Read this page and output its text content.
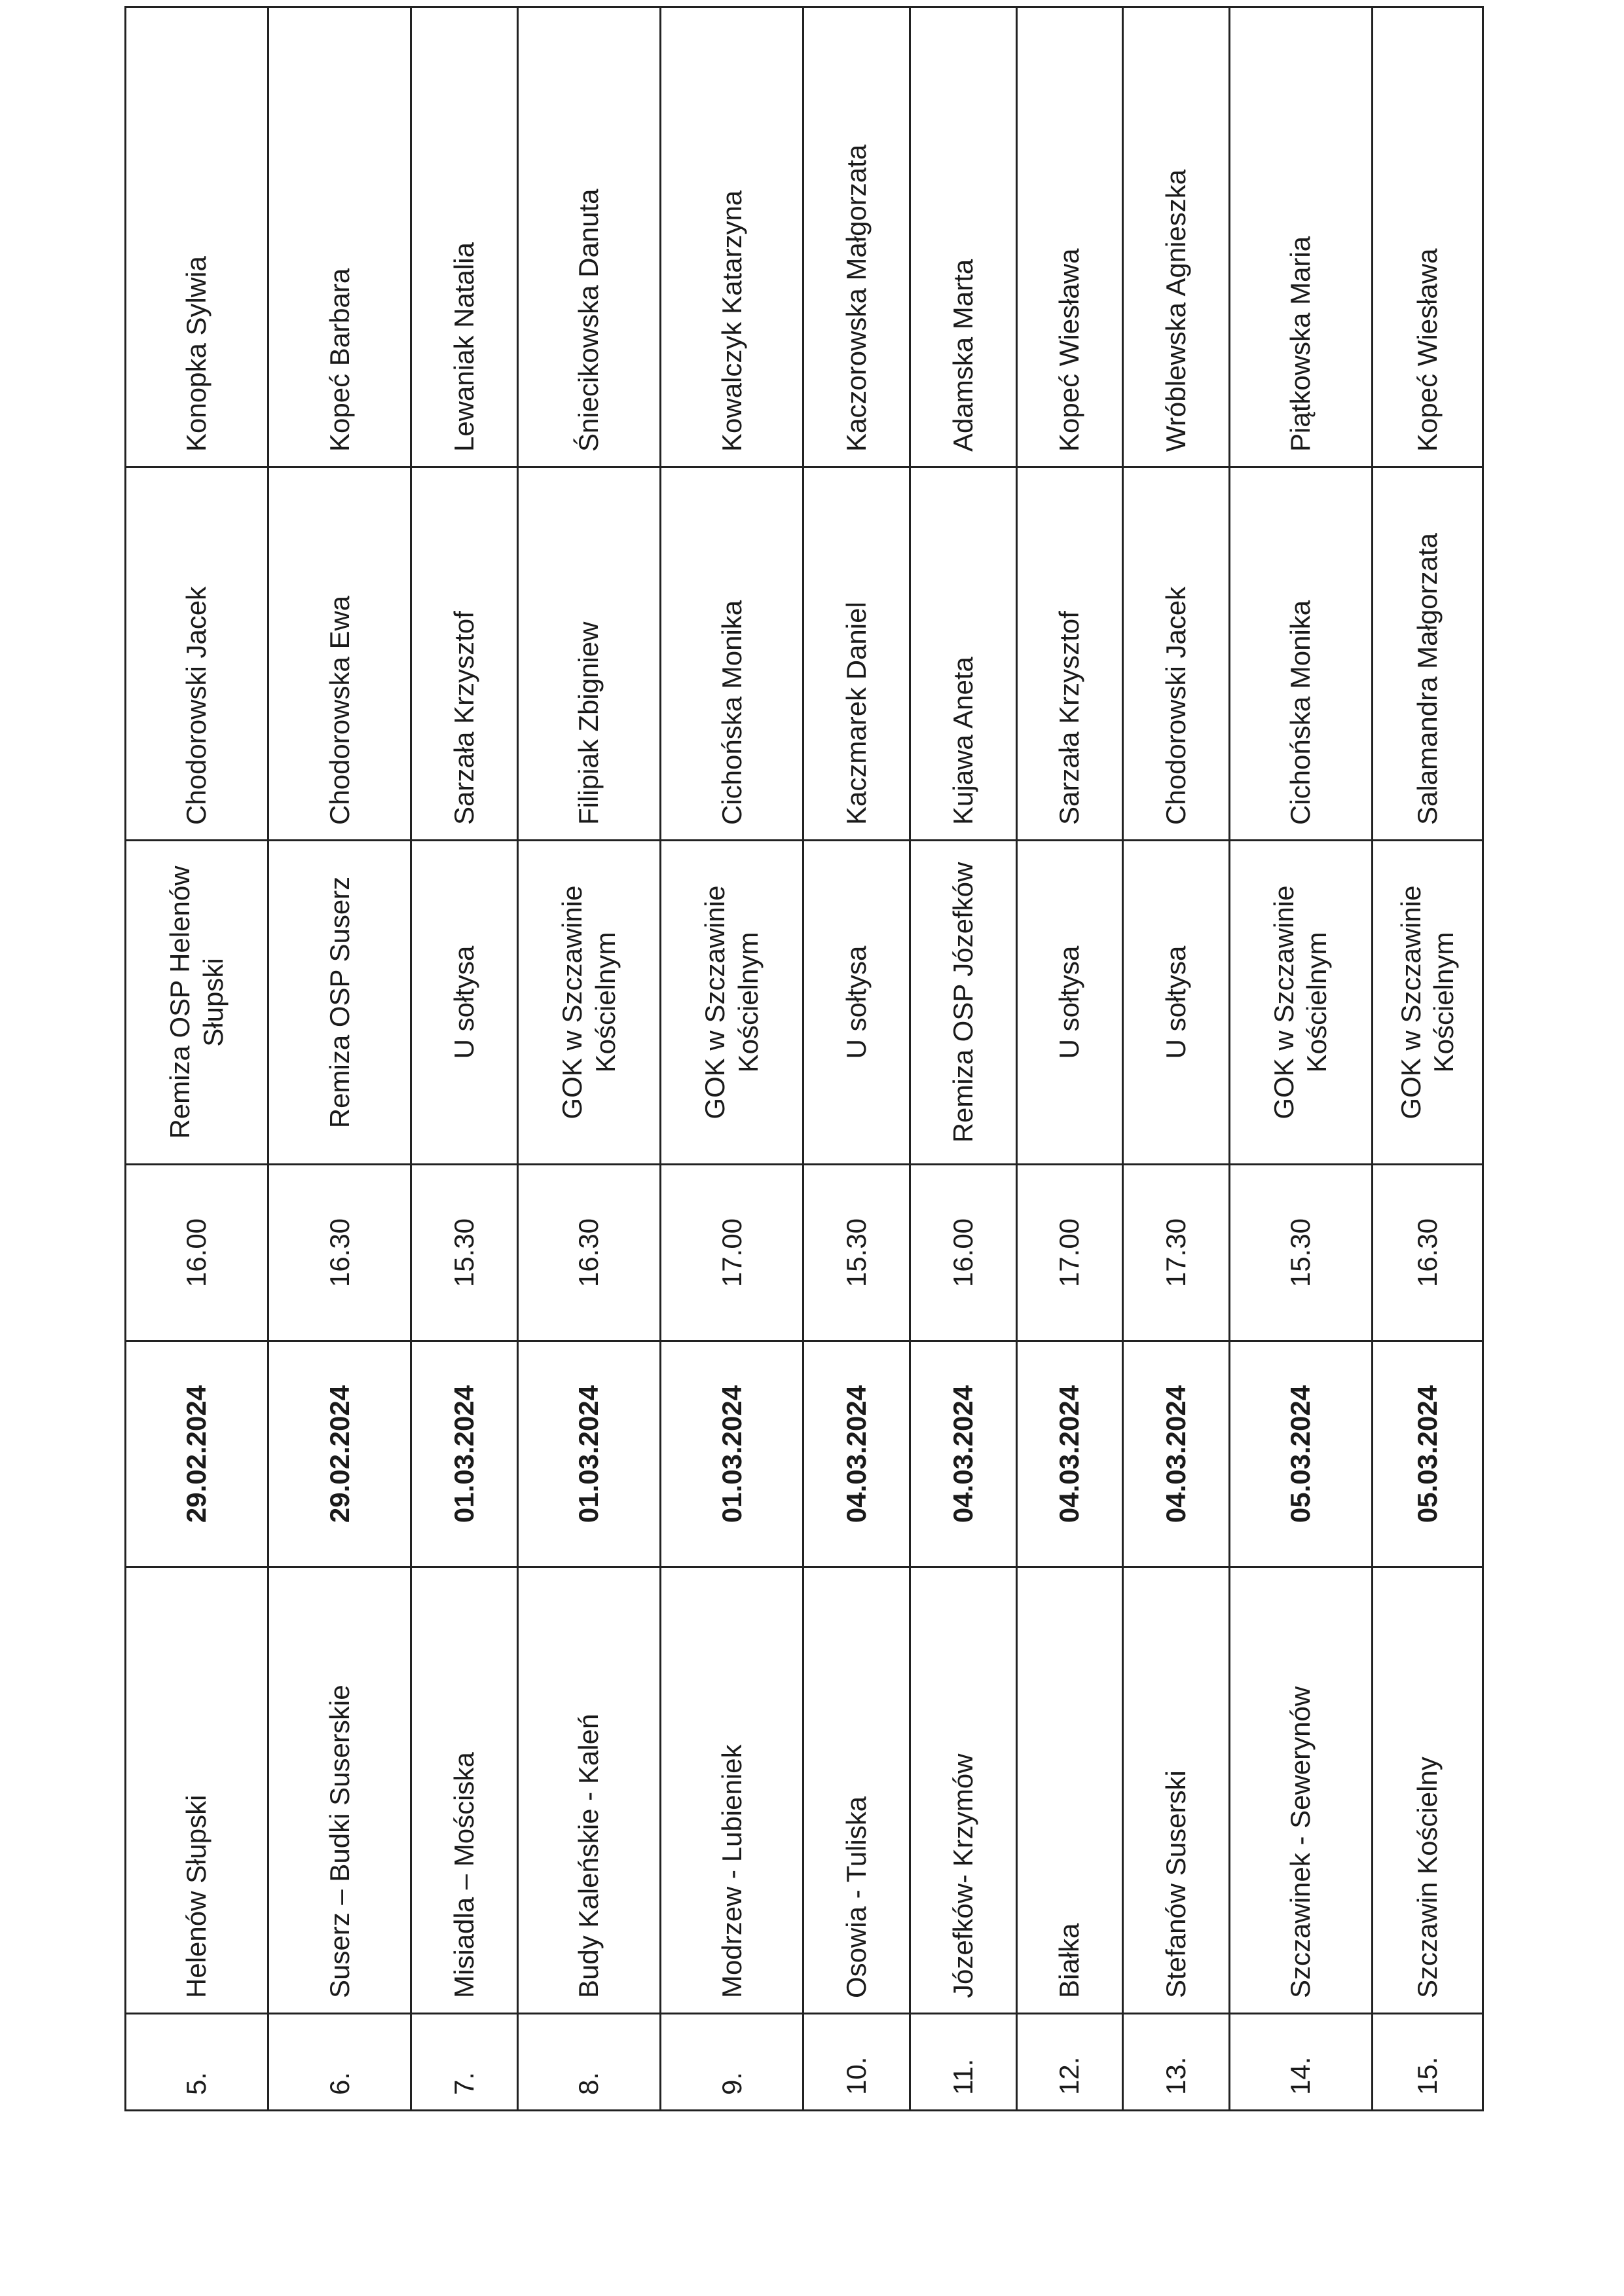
5.	Helenów Słupski	29.02.2024	16.00	Remiza OSP Helenów Słupski	Chodorowski Jacek	Konopka Sylwia
6.	Suserz – Budki Suserskie	29.02.2024	16.30	Remiza OSP Suserz	Chodorowska Ewa	Kopeć Barbara
7.	Misiadla – Mościska	01.03.2024	15.30	U sołtysa	Sarzała Krzysztof	Lewaniak Natalia
8.	Budy Kaleńskie - Kaleń	01.03.2024	16.30	GOK w Szczawinie Kościelnym	Filipiak Zbigniew	Śniecikowska Danuta
9.	Modrzew - Lubieniek	01.03.2024	17.00	GOK w Szczawinie Kościelnym	Cichońska Monika	Kowalczyk Katarzyna
10.	Osowia - Tuliska	04.03.2024	15.30	U sołtysa	Kaczmarek Daniel	Kaczorowska Małgorzata
11.	Józefków- Krzymów	04.03.2024	16.00	Remiza OSP Józefków	Kujawa Aneta	Adamska Marta
12.	Białka	04.03.2024	17.00	U sołtysa	Sarzała Krzysztof	Kopeć Wiesława
13.	Stefanów Suserski	04.03.2024	17.30	U sołtysa	Chodorowski Jacek	Wróblewska Agnieszka
14.	Szczawinek - Sewerynów	05.03.2024	15.30	GOK w Szczawinie Kościelnym	Cichońska Monika	Piątkowska Maria
15.	Szczawin Kościelny	05.03.2024	16.30	GOK w Szczawinie Kościelnym	Salamandra Małgorzata	Kopeć Wiesława
